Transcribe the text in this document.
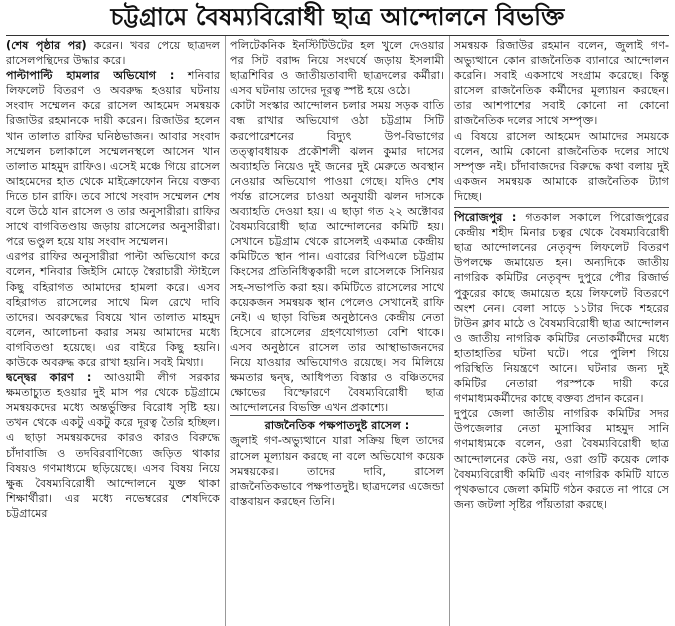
চট্টগ্রামে বৈষম্যবিরোধী ছাত্র আন্দোলনে বিভক্তি

(শেষ পৃষ্ঠার পর) করেন। খবর পেয়ে ছাত্রদল রাসেলপন্থিদের উদ্ধার করে।

পাল্টাপাল্টি হামলার অভিযোগ : শনিবার লিফলেট বিতরণ ও অবরুদ্ধ হওয়ার ঘটনায় সংবাদ সম্মেলন করে রাসেল আহমেদ সমন্বয়ক রিজাউর রহমানকে দায়ী করেন। রিজাউর হলেন খান তালাত রাফির ঘনিষ্ঠভাজন। আবার সংবাদ সম্মেলন চলাকালে সম্মেলনস্থলে আসেন খান তালাত মাহমুদ রাফিও। এসেই মঞ্চে গিয়ে রাসেল আহমেদের হাত থেকে মাইক্রোফোন নিয়ে বক্তব্য দিতে চান রাফি। তবে সাথে সংবাদ সম্মেলন শেষ বলে উঠে যান রাসেল ও তার অনুসারীরা। রাফির সাথে বাগবিতণ্ডায় জড়ায় রাসেলের অনুসারীরা। পরে ভণ্ডুল হয়ে যায় সংবাদ সম্মেলন।

এরপর রাফির অনুসারীরা পাল্টা অভিযোগ করে বলেন, শনিবার জিইসি মোড়ে স্বৈরাচারী স্টাইলে কিছু বহিরাগত আমাদের হামলা করে। এসব বহিরাগত রাসেলের সাথে মিল রেখে দাবি তাদের। অবরুদ্ধের বিষয়ে খান তালাত মাহমুদ বলেন, আলোচনা করার সময় আমাদের মধ্যে বাগবিতণ্ডা হয়েছে। এর বাইরে কিছু হয়নি। কাউকে অবরুদ্ধ করে রাখা হয়নি। সবই মিথ্যা।

দ্বন্দ্বের কারণ : আওয়ামী লীগ সরকার ক্ষমতাচ্যুত হওয়ার দুই মাস পর থেকে চট্টগ্রামে সমন্বয়কদের মধ্যে অন্তর্ভুক্তির বিরোধ সৃষ্টি হয়। তখন থেকে একটু একটু করে দূরত্ব তৈরি হচ্ছিল। এ ছাড়া সমন্বয়কদের কারও কারও বিরুদ্ধে চাঁদাবাজি ও তদবিরবাণিজ্যে জড়িত থাকার বিষয়ও গণমাধ্যমে ছড়িয়েছে। এসব বিষয় নিয়ে ক্ষুব্ধ বৈষম্যবিরোধী আন্দোলনে যুক্ত থাকা শিক্ষার্থীরা। এর মধ্যে নভেম্বরের শেষদিকে চট্টগ্রামের

পলিটেকনিক ইনস্টিটিউটের হল খুলে দেওয়ার পর সিট বরাদ্দ নিয়ে সংঘর্ষে জড়ায় ইসলামী ছাত্রশিবির ও জাতীয়তাবাদী ছাত্রদলের কর্মীরা। এসব ঘটনায় তাদের দূরত্ব স্পষ্ট হয়ে ওঠে।

কোটা সংস্কার আন্দোলন চলার সময় সড়ক বাতি বন্ধ রাখার অভিযোগ ওঠা চট্টগ্রাম সিটি করপোরেশনের বিদ্যুৎ উপ-বিভাগের তত্ত্বাবধায়ক প্রকৌশলী ঝলন কুমার দাসের অব্যাহতি নিয়েও দুই জনের দুই মেরুতে অবস্থান নেওয়ার অভিযোগ পাওয়া গেছে। যদিও শেষ পর্যন্ত রাসেলের চাওয়া অনুযায়ী ঝলন দাসকে অব্যাহতি দেওয়া হয়। এ ছাড়া গত ২২ অক্টোবর বৈষম্যবিরোধী ছাত্র আন্দোলনের কমিটি হয়। সেখানে চট্টগ্রাম থেকে রাসেলই একমাত্র কেন্দ্রীয় কমিটিতে স্থান পান। এবারের বিপিএলে চট্টগ্রাম কিংসের প্রতিনিধিত্বকারী দলে রাসেলকে সিনিয়র সহ-সভাপতি করা হয়। কমিটিতে রাসেলের সাথে কয়েকজন সমন্বয়ক স্থান পেলেও সেখানেই রাফি নেই। এ ছাড়া বিভিন্ন অনুষ্ঠানেও কেন্দ্রীয় নেতা হিসেবে রাসেলের গ্রহণযোগ্যতা বেশি থাকে। এসব অনুষ্ঠানে রাসেল তার আস্থাভাজনদের নিয়ে যাওয়ার অভিযোগও রয়েছে। সব মিলিয়ে ক্ষমতার দ্বন্দ্ব, আধিপত্য বিস্তার ও বঞ্চিতদের ক্ষোভের বিস্ফোরণে বৈষম্যবিরোধী ছাত্র আন্দোলনের বিভক্তি এখন প্রকাশ্যে।

রাজনৈতিক পক্ষপাতদুষ্ট রাসেল :

জুলাই গণ-অভ্যুত্থানে যারা সক্রিয় ছিল তাদের রাসেল মূল্যায়ন করছে না বলে অভিযোগ কয়েক সমন্বয়কের। তাদের দাবি, রাসেল রাজনৈতিকভাবে পক্ষপাতদুষ্ট। ছাত্রদলের এজেন্ডা বাস্তবায়ন করছেন তিনি।

সমন্বয়ক রিজাউর রহমান বলেন, জুলাই গণ-অভ্যুত্থানে কোন রাজনৈতিক ব্যানারে আন্দোলন করেনি। সবাই একসাথে সংগ্রাম করেছে। কিন্তু রাসেল রাজনৈতিক কর্মীদের মূল্যায়ন করছেন। তার আশপাশের সবাই কোনো না কোনো রাজনৈতিক দলের সাথে সম্পৃক্ত।

এ বিষয়ে রাসেল আহমেদ আমাদের সময়কে বলেন, আমি কোনো রাজনৈতিক দলের সাথে সম্পৃক্ত নই। চাঁদাবাজদের বিরুদ্ধে কথা বলায় দুই একজন সমন্বয়ক আমাকে রাজনৈতিক ট্যাগ দিচ্ছে।

পিরোজপুর : গতকাল সকালে পিরোজপুরের কেন্দ্রীয় শহীদ মিনার চত্বর থেকে বৈষম্যবিরোধী ছাত্র আন্দোলনের নেতৃবৃন্দ লিফলেট বিতরণ উপলক্ষে জমায়েত হন। অন্যদিকে জাতীয় নাগরিক কমিটির নেতৃবৃন্দ দুপুরে পৌর রিজার্ভ পুকুরের কাছে জমায়েত হয়ে লিফলেট বিতরণে অংশ নেন। বেলা সাড়ে ১১টার দিকে শহরের টাউন ক্লাব মাঠে ও বৈষম্যবিরোধী ছাত্র আন্দোলন ও জাতীয় নাগরিক কমিটির নেতাকর্মীদের মধ্যে হাতাহাতির ঘটনা ঘটে। পরে পুলিশ গিয়ে পরিস্থিতি নিয়ন্ত্রণে আনে। ঘটনার জন্য দুই কমিটির নেতারা পরস্পকে দায়ী করে গণমাধ্যমকর্মীদের কাছে বক্তব্য প্রদান করেন।

দুপুরে জেলা জাতীয় নাগরিক কমিটির সদর উপজেলার নেতা মুসাব্বির মাহমুদ সানি গণমাধ্যমকে বলেন, ওরা বৈষম্যবিরোধী ছাত্র আন্দোলনের কেউ নয়, ওরা গুটি কয়েক লোক বৈষম্যবিরোধী কমিটি এবং নাগরিক কমিটি যাতে পৃথকভাবে জেলা কমিটি গঠন করতে না পারে সে জন্য জটলা সৃষ্টির পাঁয়তারা করছে।
